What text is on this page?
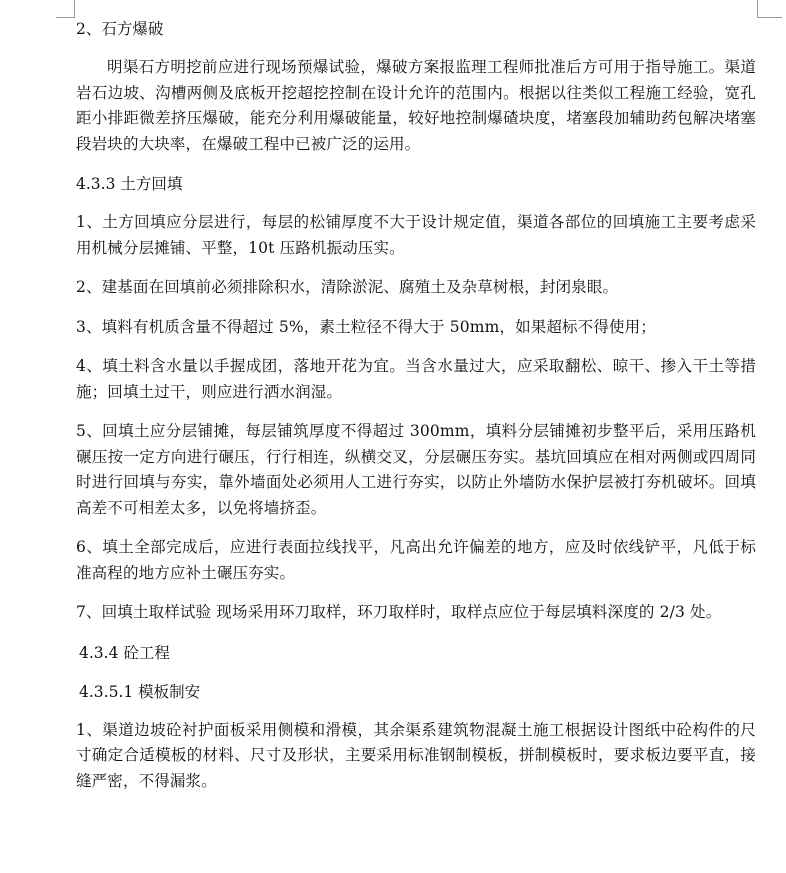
2、石方爆破

明渠石方明挖前应进行现场预爆试验，爆破方案报监理工程师批准后方可用于指导施工。渠道岩石边坡、沟槽两侧及底板开挖超挖控制在设计允许的范围内。根据以往类似工程施工经验，宽孔距小排距微差挤压爆破，能充分利用爆破能量，较好地控制爆碴块度，堵塞段加辅助药包解决堵塞段岩块的大块率，在爆破工程中已被广泛的运用。

4.3.3 土方回填

1、土方回填应分层进行，每层的松铺厚度不大于设计规定值，渠道各部位的回填施工主要考虑采用机械分层摊铺、平整，10t 压路机振动压实。

2、建基面在回填前必须排除积水，清除淤泥、腐殖土及杂草树根，封闭泉眼。

3、填料有机质含量不得超过 5%，素土粒径不得大于 50mm，如果超标不得使用；

4、填土料含水量以手握成团，落地开花为宜。当含水量过大，应采取翻松、晾干、掺入干土等措施；回填土过干，则应进行洒水润湿。

5、回填土应分层铺摊，每层铺筑厚度不得超过 300mm，填料分层铺摊初步整平后，采用压路机碾压按一定方向进行碾压，行行相连，纵横交叉，分层碾压夯实。基坑回填应在相对两侧或四周同时进行回填与夯实，靠外墙面处必须用人工进行夯实，以防止外墙防水保护层被打夯机破坏。回填高差不可相差太多，以免将墙挤歪。

6、填土全部完成后，应进行表面拉线找平，凡高出允许偏差的地方，应及时依线铲平，凡低于标准高程的地方应补土碾压夯实。

7、回填土取样试验 现场采用环刀取样，环刀取样时，取样点应位于每层填料深度的 2/3 处。

4.3.4 砼工程
4.3.5.1 模板制安

1、渠道边坡砼衬护面板采用侧模和滑模，其余渠系建筑物混凝土施工根据设计图纸中砼构件的尺寸确定合适模板的材料、尺寸及形状，主要采用标准钢制模板，拼制模板时，要求板边要平直，接缝严密，不得漏浆。
